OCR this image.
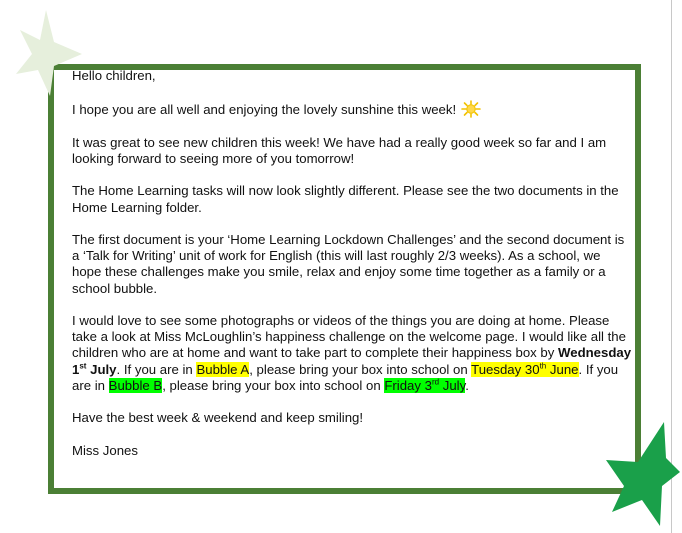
Hello children,

I hope you are all well and enjoying the lovely sunshine this week!

It was great to see new children this week! We have had a really good week so far and I am looking forward to seeing more of you tomorrow!

The Home Learning tasks will now look slightly different. Please see the two documents in the Home Learning folder.

The first document is your ‘Home Learning Lockdown Challenges’ and the second document is a ‘Talk for Writing’ unit of work for English (this will last roughly 2/3 weeks). As a school, we hope these challenges make you smile, relax and enjoy some time together as a family or a school bubble.

I would love to see some photographs or videos of the things you are doing at home. Please take a look at Miss McLoughlin’s happiness challenge on the welcome page. I would like all the children who are at home and want to take part to complete their happiness box by Wednesday 1st July. If you are in Bubble A, please bring your box into school on Tuesday 30th June. If you are in Bubble B, please bring your box into school on Friday 3rd July.

Have the best week & weekend and keep smiling!

Miss Jones
